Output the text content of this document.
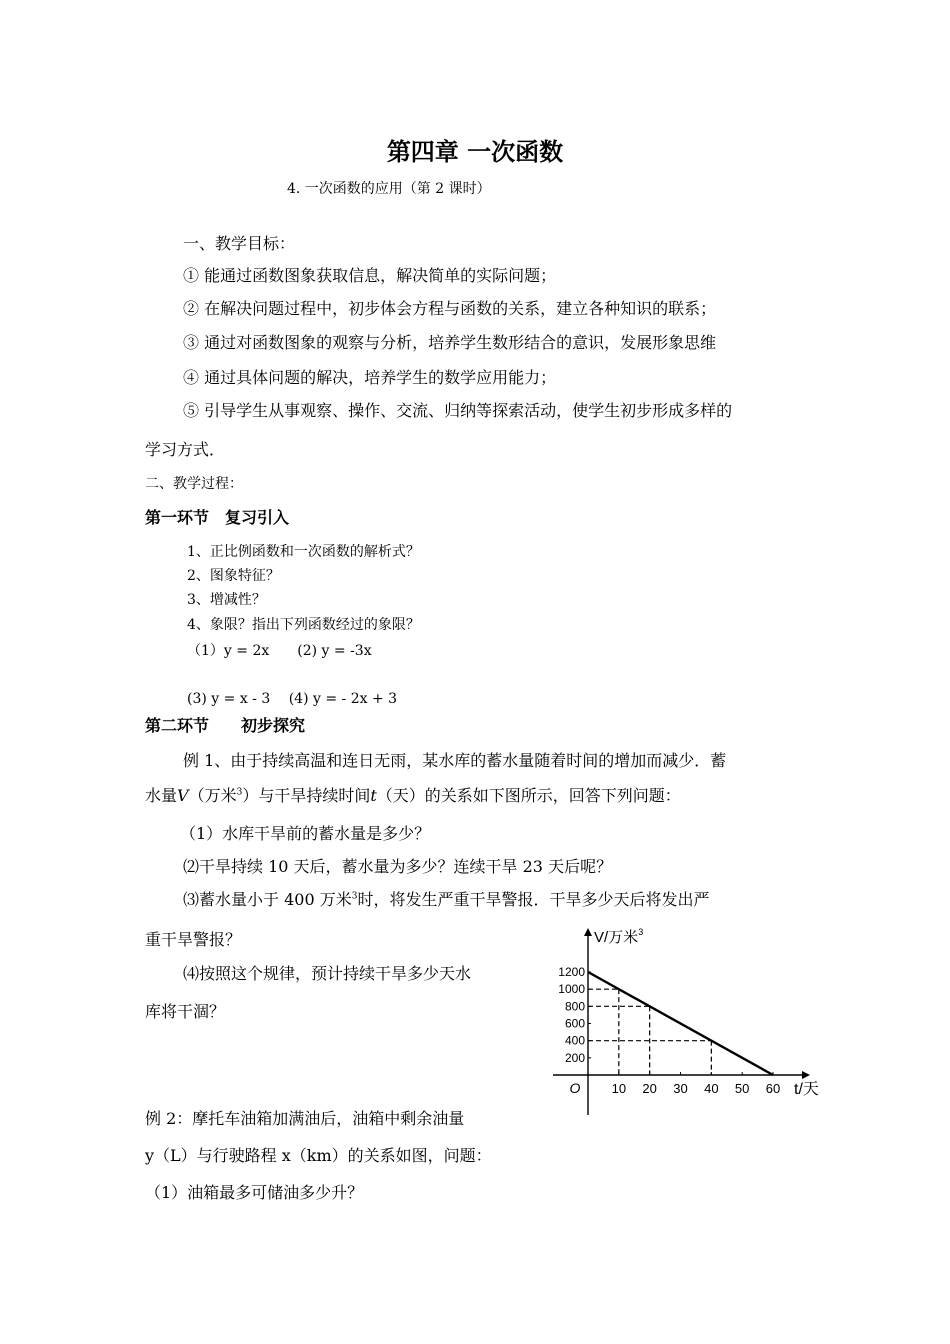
第四章 一次函数
4. 一次函数的应用（第 2 课时）
一、教学目标：
① 能通过函数图象获取信息，解决简单的实际问题；
② 在解决问题过程中，初步体会方程与函数的关系，建立各种知识的联系；
③ 通过对函数图象的观察与分析，培养学生数形结合的意识，发展形象思维
④ 通过具体问题的解决，培养学生的数学应用能力；
⑤ 引导学生从事观察、操作、交流、归纳等探索活动，使学生初步形成多样的
学习方式．
二、教学过程：
第一环节　复习引入
1、正比例函数和一次函数的解析式？
2、图象特征？
3、增减性？
4、象限？指出下列函数经过的象限？
（1）y = 2x　　(2) y = -3x
(3) y = x - 3　 (4) y = - 2x + 3
第二环节　　初步探究
例 1、由于持续高温和连日无雨，某水库的蓄水量随着时间的增加而减少．蓄
水量V（万米$^3$）与干旱持续时间t（天）的关系如下图所示，回答下列问题：
（1）水库干旱前的蓄水量是多少？
⑵干旱持续 10 天后，蓄水量为多少？连续干旱 23 天后呢？
⑶蓄水量小于 400 万米$^3$时，将发生严重干旱警报．干旱多少天后将发出严
重干旱警报？
⑷按照这个规律，预计持续干旱多少天水
库将干涸？
例 2：摩托车油箱加满油后，油箱中剩余油量
y（L）与行驶路程 x（km）的关系如图，问题：
（1）油箱最多可储油多少升？
10 20 30 40 50 60
200
400
600
800
1000
1200
O
V/万米$^3$
t/天
